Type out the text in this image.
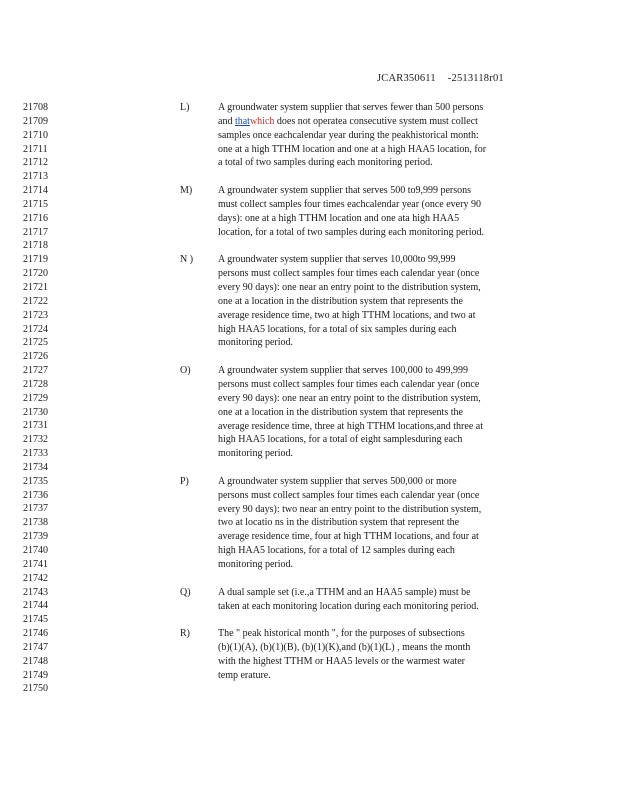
JCAR350611 -2513118r01
21708
21709
21710
21711
21712
21713
21714
21715
21716
21717
21718
21719
21720
21721
21722
21723
21724
21725
21726
21727
21728
21729
21730
21731
21732
21733
21734
21735
21736
21737
21738
21739
21740
21741
21742
21743
21744
21745
21746
21747
21748
21749
21750
L)	A groundwater system supplier that serves fewer than 500 persons
and thatwhich does not operatea consecutive system must collect
samples once eachcalendar year during the peakhistorical month:
one at a high TTHM location and one at a high HAA5 location, for
a total of two samples during each monitoring period.
M)	A groundwater system supplier that serves 500 to9,999 persons
must collect samples four times eachcalendar year (once every 90
days): one at a high TTHM location and one ata high HAA5
location, for a total of two samples during each monitoring period.
N )	A groundwater system supplier that serves 10,000to 99,999
persons must collect samples four times each calendar year (once
every 90 days): one near an entry point to the distribution system,
one at a location in the distribution system that represents the
average residence time, two at high TTHM locations, and two at
high HAA5 locations, for a total of six samples during each
monitoring period.
O)	A groundwater system supplier that serves 100,000 to 499,999
persons must collect samples four times each calendar year (once
every 90 days): one near an entry point to the distribution system,
one at a location in the distribution system that represents the
average residence time, three at high TTHM locations,and three at
high HAA5 locations, for a total of eight samplesduring each
monitoring period.
P)	A groundwater system supplier that serves 500,000 or more
persons must collect samples four times each calendar year (once
every 90 days): two near an entry point to the distribution system,
two at locatio ns in the distribution system that represent the
average residence time, four at high TTHM locations, and four at
high HAA5 locations, for a total of 12 samples during each
monitoring period.
Q)	A dual sample set (i.e.,a TTHM and an HAA5 sample) must be
taken at each monitoring location during each monitoring period.
R)	The " peak historical month ", for the purposes of subsections
(b)(1)(A), (b)(1)(B), (b)(1)(K),and (b)(1)(L) , means the month
with the highest TTHM or HAA5 levels or the warmest water
temp erature.
